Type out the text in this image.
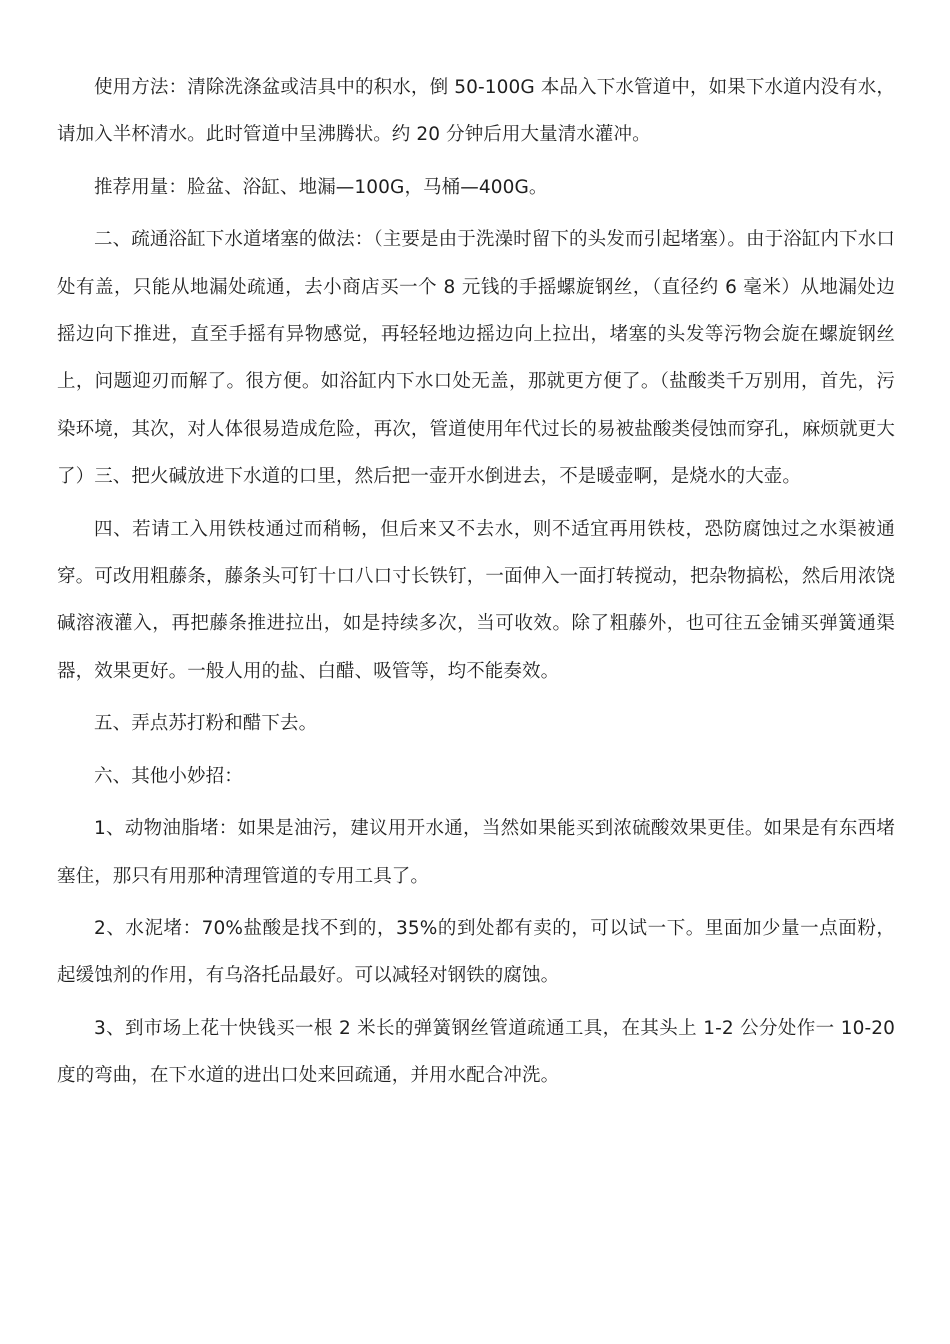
使用方法：清除洗涤盆或洁具中的积水，倒 50-100G 本品入下水管道中，如果下水道内没有水，请加入半杯清水。此时管道中呈沸腾状。约 20 分钟后用大量清水灌冲。

推荐用量：脸盆、浴缸、地漏—100G，马桶—400G。

二、疏通浴缸下水道堵塞的做法：（主要是由于洗澡时留下的头发而引起堵塞）。由于浴缸内下水口处有盖，只能从地漏处疏通，去小商店买一个 8 元钱的手摇螺旋钢丝，（直径约 6 毫米）从地漏处边摇边向下推进，直至手摇有异物感觉，再轻轻地边摇边向上拉出，堵塞的头发等污物会旋在螺旋钢丝上，问题迎刃而解了。很方便。如浴缸内下水口处无盖，那就更方便了。（盐酸类千万别用，首先，污染环境，其次，对人体很易造成危险，再次，管道使用年代过长的易被盐酸类侵蚀而穿孔，麻烦就更大了）三、把火碱放进下水道的口里，然后把一壶开水倒进去，不是暖壶啊，是烧水的大壶。

四、若请工入用铁枝通过而稍畅，但后来又不去水，则不适宜再用铁枝，恐防腐蚀过之水渠被通穿。可改用粗藤条，藤条头可钉十口八口寸长铁钉，一面伸入一面打转搅动，把杂物搞松，然后用浓饶碱溶液灌入，再把藤条推进拉出，如是持续多次，当可收效。除了粗藤外，也可往五金铺买弹簧通渠器，效果更好。一般人用的盐、白醋、吸管等，均不能奏效。

五、弄点苏打粉和醋下去。

六、其他小妙招：

1、动物油脂堵：如果是油污，建议用开水通，当然如果能买到浓硫酸效果更佳。如果是有东西堵塞住，那只有用那种清理管道的专用工具了。

2、水泥堵：70%盐酸是找不到的，35%的到处都有卖的，可以试一下。里面加少量一点面粉，起缓蚀剂的作用，有乌洛托品最好。可以减轻对钢铁的腐蚀。

3、到市场上花十快钱买一根 2 米长的弹簧钢丝管道疏通工具，在其头上 1-2 公分处作一 10-20 度的弯曲，在下水道的进出口处来回疏通，并用水配合冲洗。
